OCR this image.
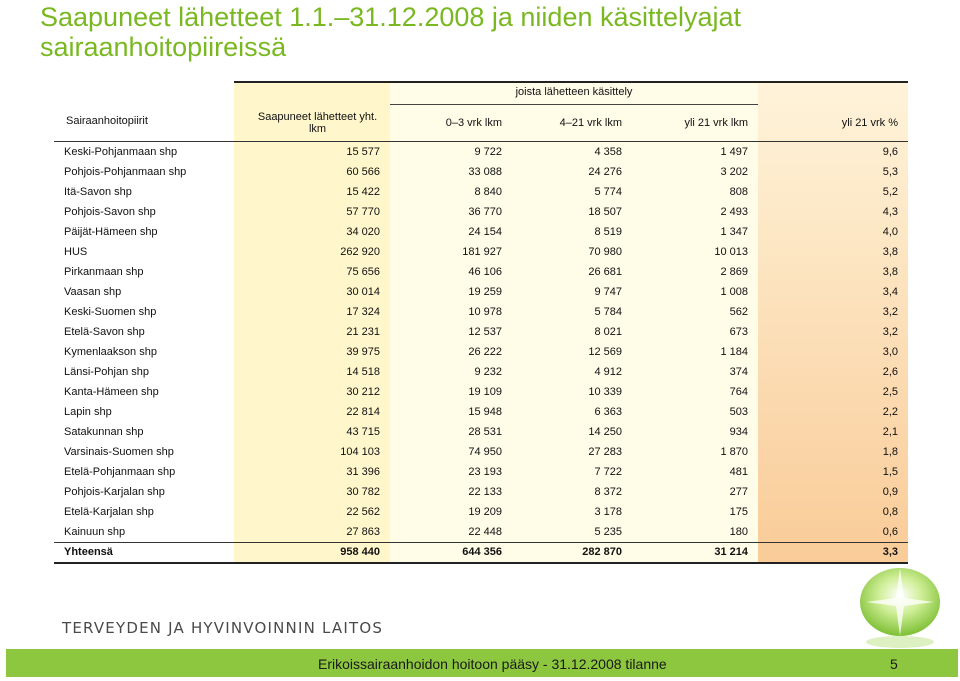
Saapuneet lähetteet 1.1.–31.12.2008 ja niiden käsittelyajat sairaanhoitopiireissä
joista lähetteen käsittely
Sairaanhoitopiirit	Saapuneet lähetteet yht. lkm	0–3 vrk lkm	4–21 vrk lkm	yli 21 vrk lkm	yli 21 vrk %
Keski-Pohjanmaan shp	15 577	9 722	4 358	1 497	9,6
Pohjois-Pohjanmaan shp	60 566	33 088	24 276	3 202	5,3
Itä-Savon shp	15 422	8 840	5 774	808	5,2
Pohjois-Savon shp	57 770	36 770	18 507	2 493	4,3
Päijät-Hämeen shp	34 020	24 154	8 519	1 347	4,0
HUS	262 920	181 927	70 980	10 013	3,8
Pirkanmaan shp	75 656	46 106	26 681	2 869	3,8
Vaasan shp	30 014	19 259	9 747	1 008	3,4
Keski-Suomen shp	17 324	10 978	5 784	562	3,2
Etelä-Savon shp	21 231	12 537	8 021	673	3,2
Kymenlaakson shp	39 975	26 222	12 569	1 184	3,0
Länsi-Pohjan shp	14 518	9 232	4 912	374	2,6
Kanta-Hämeen shp	30 212	19 109	10 339	764	2,5
Lapin shp	22 814	15 948	6 363	503	2,2
Satakunnan shp	43 715	28 531	14 250	934	2,1
Varsinais-Suomen shp	104 103	74 950	27 283	1 870	1,8
Etelä-Pohjanmaan shp	31 396	23 193	7 722	481	1,5
Pohjois-Karjalan shp	30 782	22 133	8 372	277	0,9
Etelä-Karjalan shp	22 562	19 209	3 178	175	0,8
Kainuun shp	27 863	22 448	5 235	180	0,6
Yhteensä	958 440	644 356	282 870	31 214	3,3
TERVEYDEN JA HYVINVOINNIN LAITOS
Erikoissairaanhoidon hoitoon pääsy - 31.12.2008 tilanne	5
